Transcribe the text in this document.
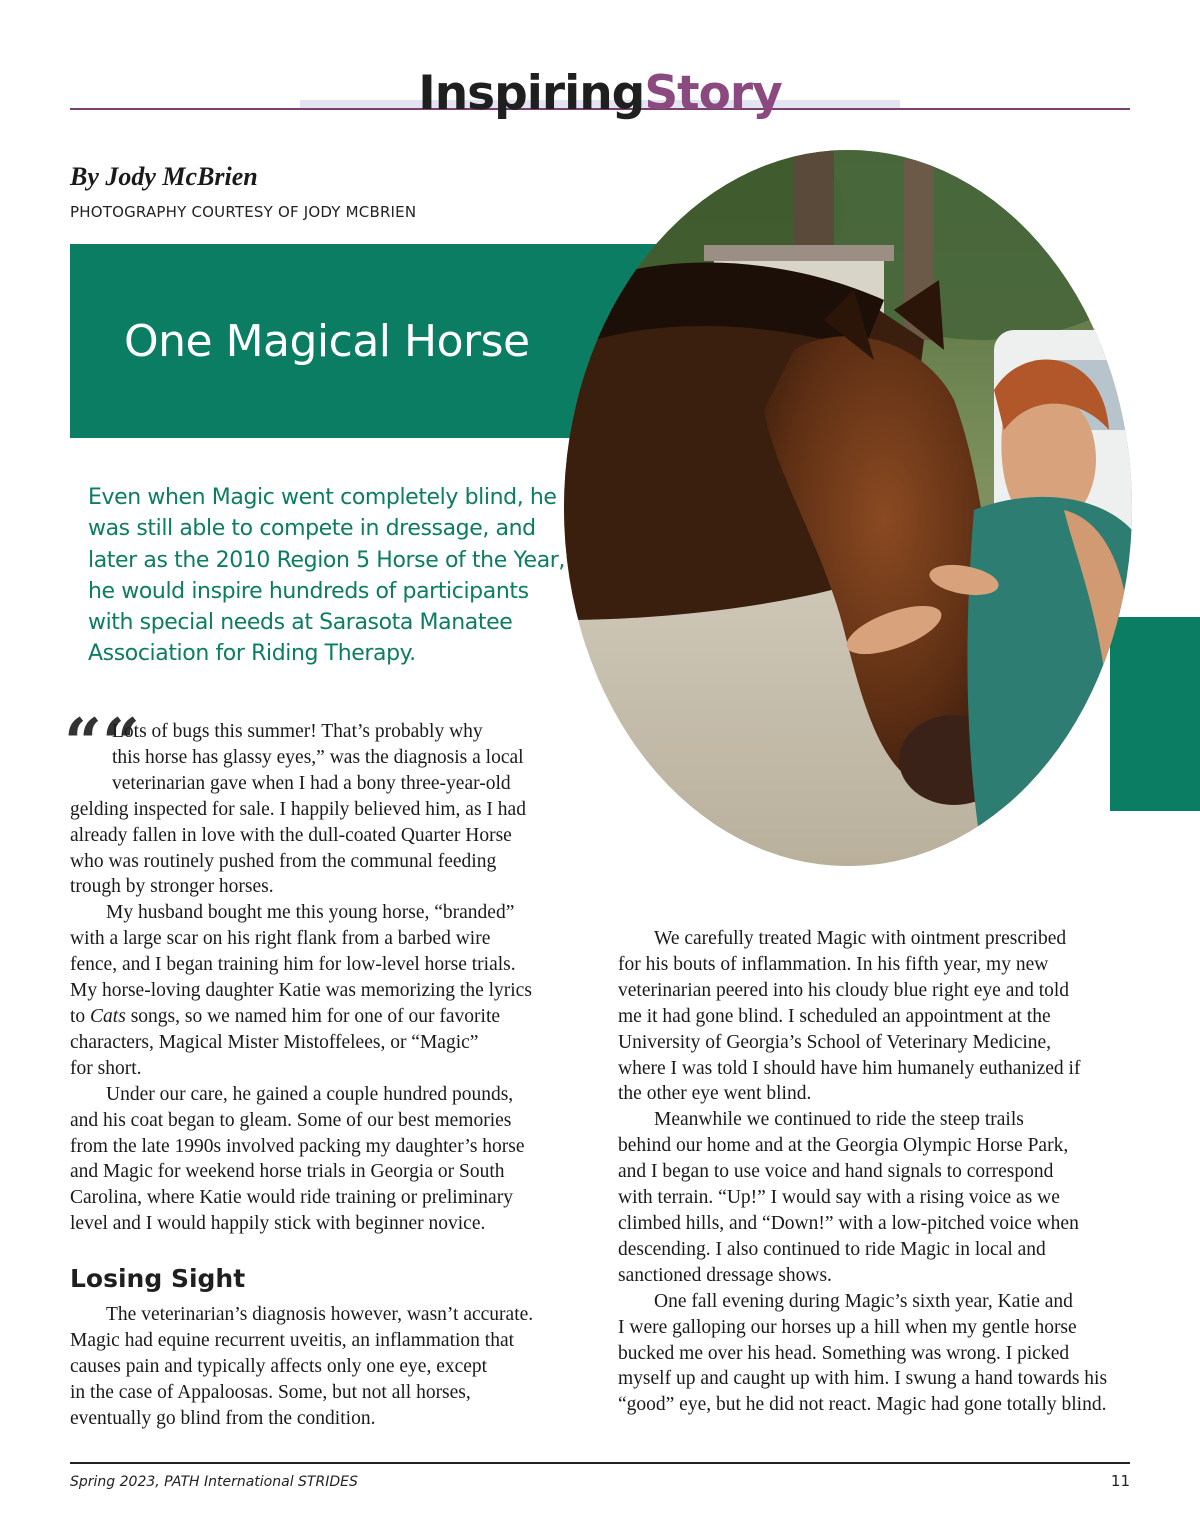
InspiringStory
By Jody McBrien
PHOTOGRAPHY COURTESY OF JODY MCBRIEN
One Magical Horse
Even when Magic went completely blind, he
was still able to compete in dressage, and
later as the 2010 Region 5 Horse of the Year,
he would inspire hundreds of participants
with special needs at Sarasota Manatee
Association for Riding Therapy.
““
Lots of bugs this summer! That’s probably why
this horse has glassy eyes,” was the diagnosis a local
veterinarian gave when I had a bony three-year-old
gelding inspected for sale. I happily believed him, as I had
already fallen in love with the dull-coated Quarter Horse
who was routinely pushed from the communal feeding
trough by stronger horses.
My husband bought me this young horse, “branded”
with a large scar on his right flank from a barbed wire
fence, and I began training him for low-level horse trials.
My horse-loving daughter Katie was memorizing the lyrics
to Cats songs, so we named him for one of our favorite
characters, Magical Mister Mistoffelees, or “Magic”
for short.
Under our care, he gained a couple hundred pounds,
and his coat began to gleam. Some of our best memories
from the late 1990s involved packing my daughter’s horse
and Magic for weekend horse trials in Georgia or South
Carolina, where Katie would ride training or preliminary
level and I would happily stick with beginner novice.
Losing Sight
The veterinarian’s diagnosis however, wasn’t accurate.
Magic had equine recurrent uveitis, an inflammation that
causes pain and typically affects only one eye, except
in the case of Appaloosas. Some, but not all horses,
eventually go blind from the condition.
We carefully treated Magic with ointment prescribed
for his bouts of inflammation. In his fifth year, my new
veterinarian peered into his cloudy blue right eye and told
me it had gone blind. I scheduled an appointment at the
University of Georgia’s School of Veterinary Medicine,
where I was told I should have him humanely euthanized if
the other eye went blind.
Meanwhile we continued to ride the steep trails
behind our home and at the Georgia Olympic Horse Park,
and I began to use voice and hand signals to correspond
with terrain. “Up!” I would say with a rising voice as we
climbed hills, and “Down!” with a low-pitched voice when
descending. I also continued to ride Magic in local and
sanctioned dressage shows.
One fall evening during Magic’s sixth year, Katie and
I were galloping our horses up a hill when my gentle horse
bucked me over his head. Something was wrong. I picked
myself up and caught up with him. I swung a hand towards his
“good” eye, but he did not react. Magic had gone totally blind.
Spring 2023, PATH International STRIDES	11
